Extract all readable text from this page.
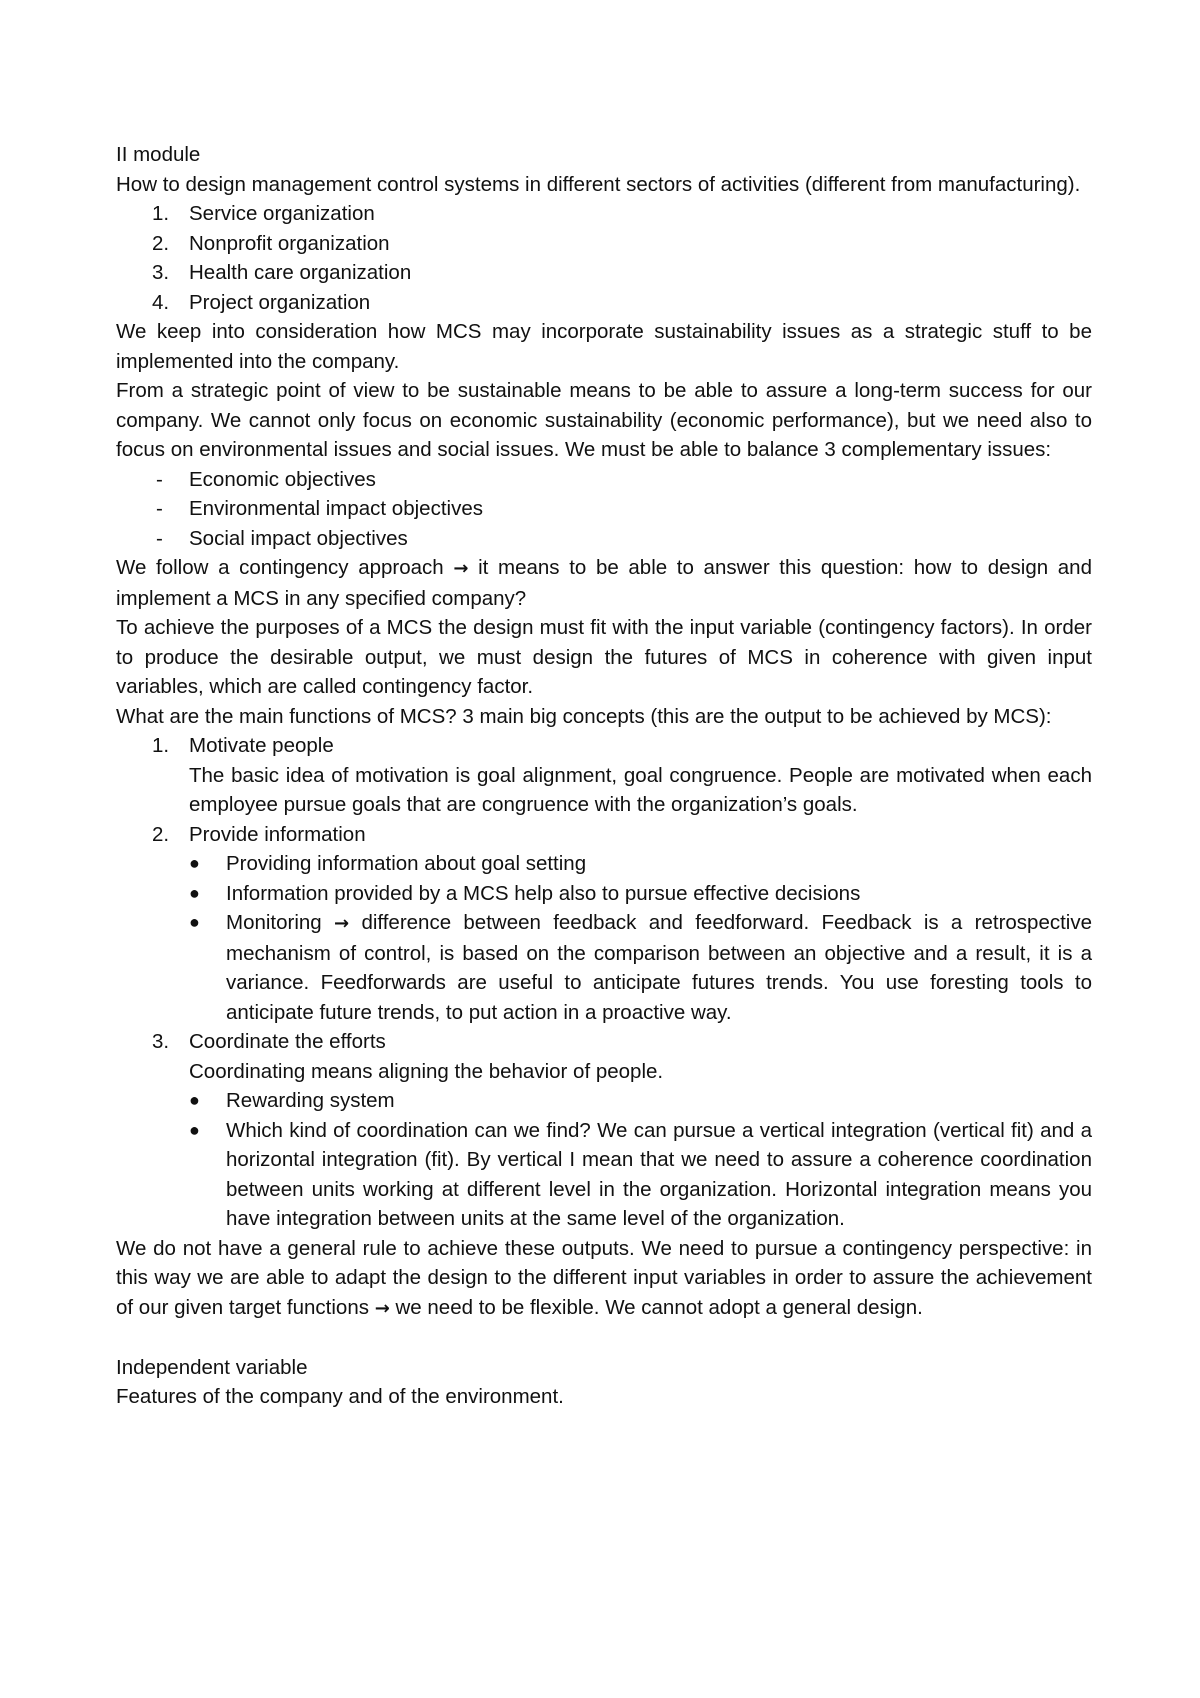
II module

How to design management control systems in different sectors of activities (different from manufacturing).

1. Service organization
2. Nonprofit organization
3. Health care organization
4. Project organization

We keep into consideration how MCS may incorporate sustainability issues as a strategic stuff to be implemented into the company.

From a strategic point of view to be sustainable means to be able to assure a long-term success for our company. We cannot only focus on economic sustainability (economic performance), but we need also to focus on environmental issues and social issues. We must be able to balance 3 complementary issues:

- Economic objectives
- Environmental impact objectives
- Social impact objectives

We follow a contingency approach → it means to be able to answer this question: how to design and implement a MCS in any specified company?

To achieve the purposes of a MCS the design must fit with the input variable (contingency factors). In order to produce the desirable output, we must design the futures of MCS in coherence with given input variables, which are called contingency factor.

What are the main functions of MCS? 3 main big concepts (this are the output to be achieved by MCS):

1. Motivate people
The basic idea of motivation is goal alignment, goal congruence. People are motivated when each employee pursue goals that are congruence with the organization’s goals.
2. Provide information
● Providing information about goal setting
● Information provided by a MCS help also to pursue effective decisions
● Monitoring → difference between feedback and feedforward. Feedback is a retrospective mechanism of control, is based on the comparison between an objective and a result, it is a variance. Feedforwards are useful to anticipate futures trends. You use foresting tools to anticipate future trends, to put action in a proactive way.
3. Coordinate the efforts
Coordinating means aligning the behavior of people.
● Rewarding system
● Which kind of coordination can we find? We can pursue a vertical integration (vertical fit) and a horizontal integration (fit). By vertical I mean that we need to assure a coherence coordination between units working at different level in the organization. Horizontal integration means you have integration between units at the same level of the organization.

We do not have a general rule to achieve these outputs. We need to pursue a contingency perspective: in this way we are able to adapt the design to the different input variables in order to assure the achievement of our given target functions → we need to be flexible. We cannot adopt a general design.

Independent variable

Features of the company and of the environment.
